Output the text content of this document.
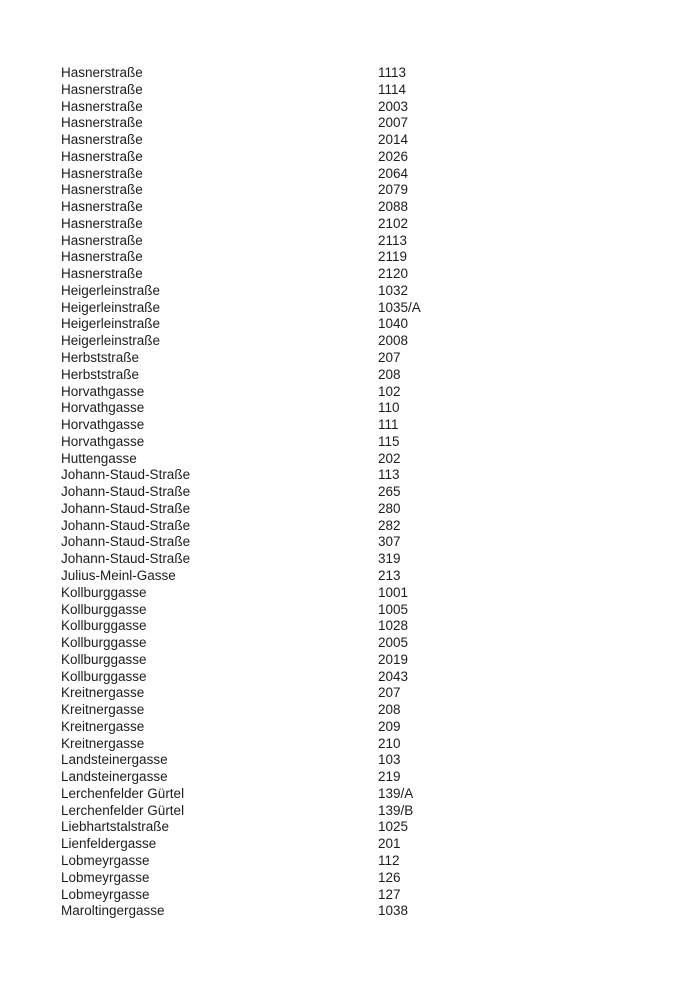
Hasnerstraße	1113
Hasnerstraße	1114
Hasnerstraße	2003
Hasnerstraße	2007
Hasnerstraße	2014
Hasnerstraße	2026
Hasnerstraße	2064
Hasnerstraße	2079
Hasnerstraße	2088
Hasnerstraße	2102
Hasnerstraße	2113
Hasnerstraße	2119
Hasnerstraße	2120
Heigerleinstraße	1032
Heigerleinstraße	1035/A
Heigerleinstraße	1040
Heigerleinstraße	2008
Herbststraße	207
Herbststraße	208
Horvathgasse	102
Horvathgasse	110
Horvathgasse	111
Horvathgasse	115
Huttengasse	202
Johann-Staud-Straße	113
Johann-Staud-Straße	265
Johann-Staud-Straße	280
Johann-Staud-Straße	282
Johann-Staud-Straße	307
Johann-Staud-Straße	319
Julius-Meinl-Gasse	213
Kollburggasse	1001
Kollburggasse	1005
Kollburggasse	1028
Kollburggasse	2005
Kollburggasse	2019
Kollburggasse	2043
Kreitnergasse	207
Kreitnergasse	208
Kreitnergasse	209
Kreitnergasse	210
Landsteinergasse	103
Landsteinergasse	219
Lerchenfelder Gürtel	139/A
Lerchenfelder Gürtel	139/B
Liebhartstalstraße	1025
Lienfeldergasse	201
Lobmeyrgasse	112
Lobmeyrgasse	126
Lobmeyrgasse	127
Maroltingergasse	1038
